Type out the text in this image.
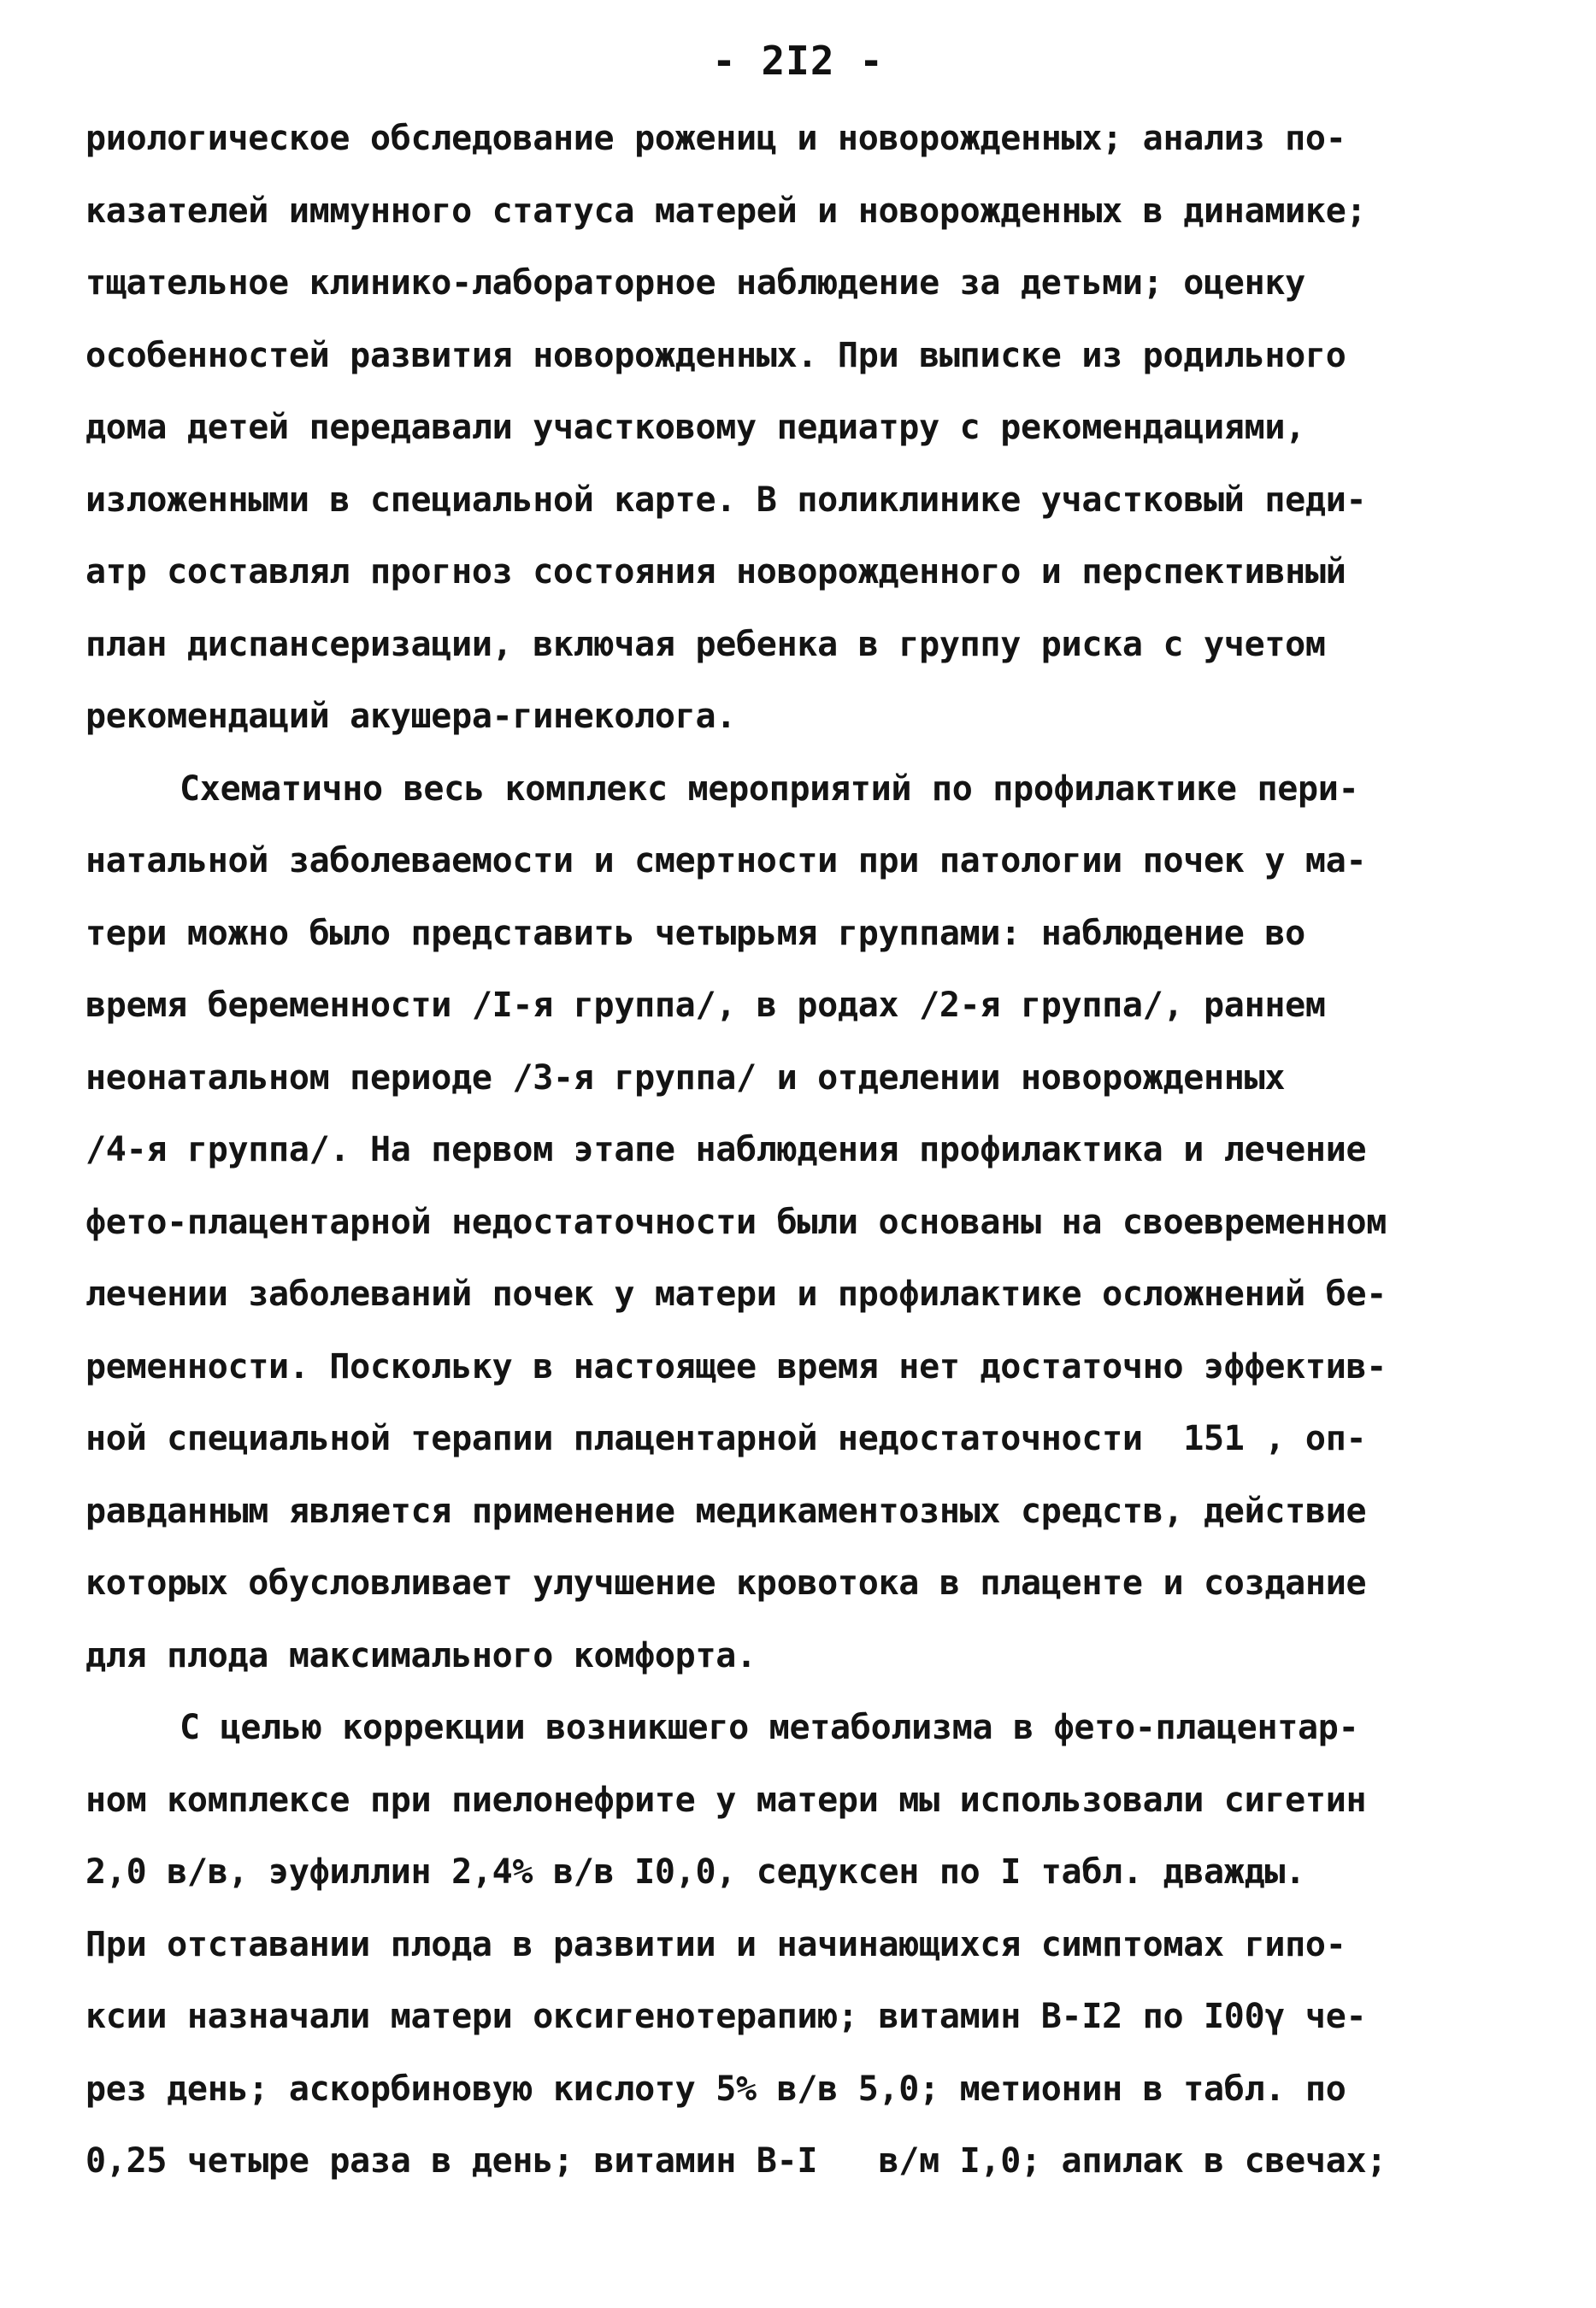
- 2I2 -
риологическое обследование рожениц и новорожденных; анализ по-
казателей иммунного статуса матерей и новорожденных в динамике;
тщательное клинико-лабораторное наблюдение за детьми; оценку
особенностей развития новорожденных. При выписке из родильного
дома детей передавали участковому педиатру с рекомендациями,
изложенными в специальной карте. В поликлинике участковый педи-
атр составлял прогноз состояния новорожденного и перспективный
план диспансеризации, включая ребенка в группу риска с учетом
рекомендаций акушера-гинеколога.
Схематично весь комплекс мероприятий по профилактике пери-
натальной заболеваемости и смертности при патологии почек у ма-
тери можно было представить четырьмя группами: наблюдение во
время беременности /I-я группа/, в родах /2-я группа/, раннем
неонатальном периоде /3-я группа/ и отделении новорожденных
/4-я группа/. На первом этапе наблюдения профилактика и лечение
фето-плацентарной недостаточности были основаны на своевременном
лечении заболеваний почек у матери и профилактике осложнений бе-
ременности. Поскольку в настоящее время нет достаточно эффектив-
ной специальной терапии плацентарной недостаточности  151 , оп-
равданным является применение медикаментозных средств, действие
которых обусловливает улучшение кровотока в плаценте и создание
для плода максимального комфорта.
С целью коррекции возникшего метаболизма в фето-плацентар-
ном комплексе при пиелонефрите у матери мы использовали сигетин
2,0 в/в, эуфиллин 2,4% в/в I0,0, седуксен по I табл. дважды.
При отставании плода в развитии и начинающихся симптомах гипо-
ксии назначали матери оксигенотерапию; витамин В-I2 по I00γ че-
рез день; аскорбиновую кислоту 5% в/в 5,0; метионин в табл. по
0,25 четыре раза в день; витамин В-I   в/м I,0; апилак в свечах;
